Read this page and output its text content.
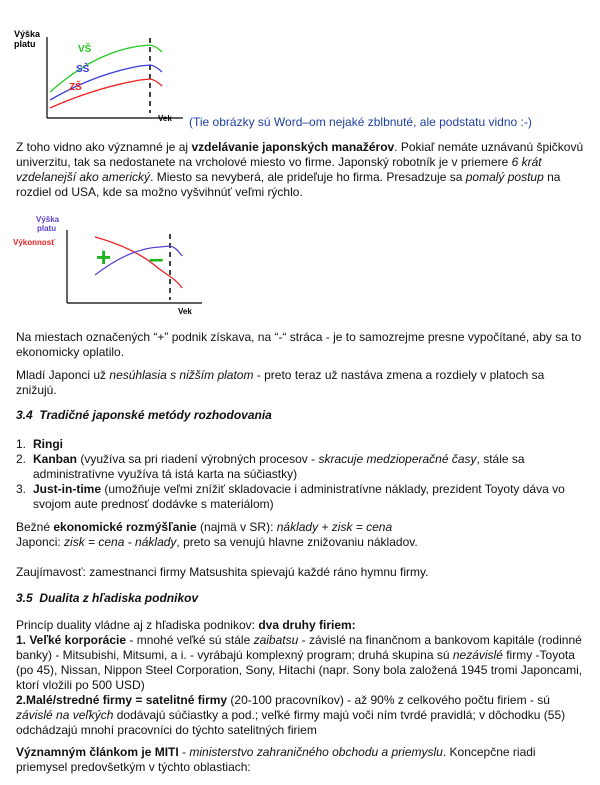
Výška
platu	VŠ
SŠ
ZŠ
Vek (Tie obrázky sú Word–om nejaké zblbnuté, ale podstatu vidno :-)
Z toho vidno ako významné je aj vzdelávanie japonských manažérov. Pokiaľ nemáte uznávanú špičkovú univerzitu, tak sa nedostanete na vrcholové miesto vo firme. Japonský robotník je v priemere 6 krát vzdelanejší ako americký. Miesto sa nevyberá, ale prideľuje ho firma. Presadzuje sa pomalý postup na rozdiel od USA, kde sa možno vyšvihnúť veľmi rýchlo.
Výška
platu
Výkonnosť + –
Vek
Na miestach označených “+” podnik získava, na “-“ stráca - je to samozrejme presne vypočítané, aby sa to ekonomicky oplatilo.
Mladí Japonci už nesúhlasia s nižším platom - preto teraz už nastáva zmena a rozdiely v platoch sa znižujú.
3.4 Tradičné japonské metódy rozhodovania
1. Ringi
2. Kanban (využíva sa pri riadení výrobných procesov - skracuje medzioperačné časy, stále sa administratívne využíva tá istá karta na súčiastky)
3. Just-in-time (umožňuje veľmi znížiť skladovacie i administratívne náklady, prezident Toyoty dáva vo svojom aute prednosť dodávke s materiálom)
Bežné ekonomické rozmýšľanie (najmä v SR): náklady + zisk = cena
Japonci: zisk = cena - náklady, preto sa venujú hlavne znižovaniu nákladov.
Zaujímavosť: zamestnanci firmy Matsushita spievajú každé ráno hymnu firmy.
3.5 Dualita z hľadiska podnikov
Princíp duality vládne aj z hľadiska podnikov: dva druhy firiem:
1. Veľké korporácie - mnohé veľké sú stále zaibatsu - závislé na finančnom a bankovom kapitále (rodinné banky) - Mitsubishi, Mitsumi, a i. - vyrábajú komplexný program; druhá skupina sú nezávislé firmy -Toyota (po 45), Nissan, Nippon Steel Corporation, Sony, Hitachi (napr. Sony bola založená 1945 tromi Japoncami, ktorí vložili po 500 USD)
2.Malé/stredné firmy = satelitné firmy (20-100 pracovníkov) - až 90% z celkového počtu firiem - sú závislé na veľkých dodávajú súčiastky a pod.; veľké firmy majú voči ním tvrdé pravidlá; v dôchodku (55) odchádzajú mnohí pracovníci do týchto satelitných firiem
Významným článkom je MITI - ministerstvo zahraničného obchodu a priemyslu. Koncepčne riadi priemysel predovšetkým v týchto oblastiach:
